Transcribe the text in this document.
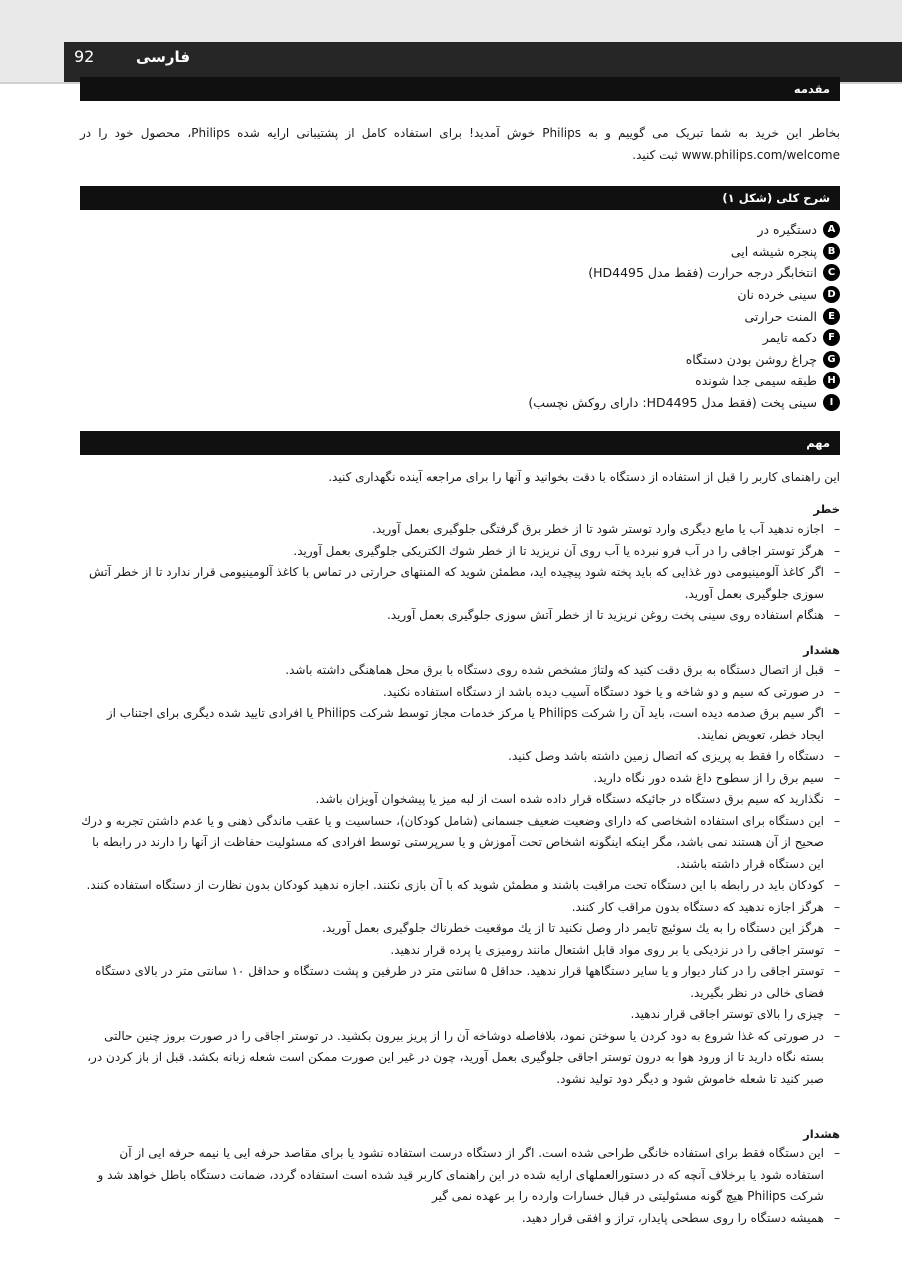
92	فارسی
مقدمه
بخاطر این خرید به شما تبریک می گوییم و به Philips خوش آمدید! برای استفاده کامل از پشتیبانی ارایه شده Philips، محصول خود را در www.philips.com/welcome ثبت کنید.
شرح کلی (شکل ۱)
A
دستگیره در
B
پنجره شیشه ایی
C
انتخابگر درجه حرارت (فقط مدل HD4495)
D
سینی خرده نان
E
المنت حرارتی
F
دکمه تایمر
G
چراغ روشن بودن دستگاه
H
طبقه سیمی جدا شونده
I
سینی پخت (فقط مدل HD4495: دارای روکش نچسب)
مهم
این راهنمای کاربر را قبل از استفاده از دستگاه با دقت بخوانید و آنها را برای مراجعه آینده نگهداری کنید.
خطر
– اجازه ندهید آب یا مایع دیگری وارد توستر شود تا از خطر برق گرفتگی جلوگیری بعمل آورید.
– هرگز توستر اجاقی را در آب فرو نبرده یا آب روی آن نریزید تا از خطر شوك الکتریکی جلوگیری بعمل آورید.
– اگر کاغذ آلومینیومی دور غذایی که باید پخته شود پیچیده اید، مطمئن شوید که المنتهای حرارتی در تماس با کاغذ آلومینیومی قرار ندارد تا از خطر آتش سوزی جلوگیری بعمل آورید.
– هنگام استفاده روی سینی پخت روغن نریزید تا از خطر آتش سوزی جلوگیری بعمل آورید.
هشدار
– قبل از اتصال دستگاه به برق دقت کنید که ولتاژ مشخص شده روی دستگاه با برق محل هماهنگی داشته باشد.
– در صورتی که سیم و دو شاخه و یا خود دستگاه آسیب دیده باشد از دستگاه استفاده نکنید.
– اگر سیم برق صدمه دیده است، باید آن را شرکت Philips یا مرکز خدمات مجاز توسط شرکت Philips یا افرادی تایید شده دیگری برای اجتناب از ایجاد خطر، تعویض نمایند.
– دستگاه را فقط به پریزی که اتصال زمین داشته باشد وصل کنید.
– سیم برق را از سطوح داغ شده دور نگاه دارید.
– نگذارید که سیم برق دستگاه در جائیکه دستگاه قرار داده شده است از لبه میز یا پیشخوان آویزان باشد.
– این دستگاه برای استفاده اشخاصی که دارای وضعیت ضعیف جسمانی (شامل کودکان)، حساسیت و یا عقب ماندگی ذهنی و یا عدم داشتن تجربه و درك صحیح از آن هستند نمی باشد، مگر اینکه اینگونه اشخاص تحت آموزش و یا سرپرستی توسط افرادی که مسئولیت حفاظت از آنها را دارند در رابطه با این دستگاه قرار داشته باشند.
– کودکان باید در رابطه با این دستگاه تحت مراقبت باشند و مطمئن شوید که با آن بازی نکنند. اجازه ندهید کودکان بدون نظارت از دستگاه استفاده کنند.
– هرگز اجازه ندهید که دستگاه بدون مراقب کار کنند.
– هرگز این دستگاه را به یك سوئیچ تایمر دار وصل نکنید تا از یك موقعیت خطرناك جلوگیری بعمل آورید.
– توستر اجاقی را در نزدیکی یا بر روی مواد قابل اشتعال مانند رومیزی یا پرده قرار ندهید.
– توستر اجاقی را در کنار دیوار و یا سایر دستگاهها قرار ندهید. حداقل ۵ سانتی متر در طرفین و پشت دستگاه و حداقل ۱۰ سانتی متر در بالای دستگاه فضای خالی در نظر بگیرید.
– چیزی را بالای توستر اجاقی قرار ندهید.
– در صورتی که غذا شروع به دود کردن یا سوختن نمود، بلافاصله دوشاخه آن را از پریز بیرون بکشید. در توستر اجاقی را در صورت بروز چنین حالتی بسته نگاه دارید تا از ورود هوا به درون توستر اجاقی جلوگیری بعمل آورید، چون در غیر این صورت ممکن است شعله زبانه بکشد. قبل از باز کردن در، صبر کنید تا شعله خاموش شود و دیگر دود تولید نشود.
هشدار
– این دستگاه فقط برای استفاده خانگی طراحی شده است. اگر از دستگاه درست استفاده نشود یا برای مقاصد حرفه ایی یا نیمه حرفه ایی از آن استفاده شود یا برخلاف آنچه که در دستورالعملهای ارایه شده در این راهنمای کاربر قید شده است استفاده گردد، ضمانت دستگاه باطل خواهد شد و شرکت Philips هیچ گونه مسئولیتی در قبال خسارات وارده را بر عهده نمی گیر
– همیشه دستگاه را روی سطحی پایدار، تراز و افقی قرار دهید.
